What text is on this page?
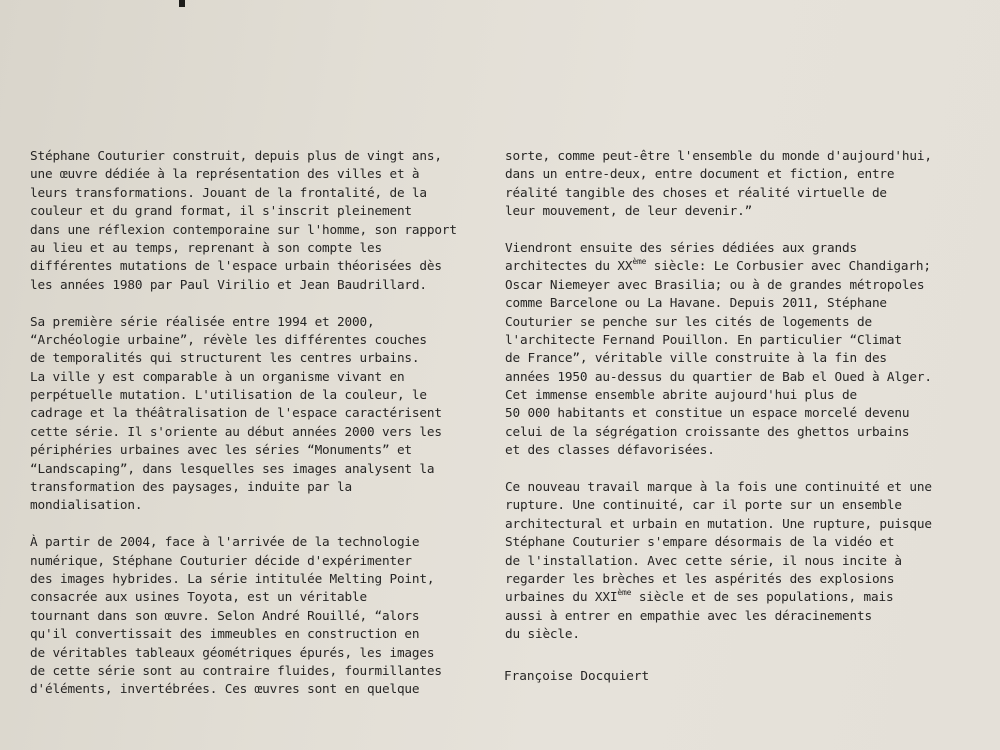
Stéphane Couturier construit, depuis plus de vingt ans,
une œuvre dédiée à la représentation des villes et à
leurs transformations. Jouant de la frontalité, de la
couleur et du grand format, il s'inscrit pleinement
dans une réflexion contemporaine sur l'homme, son rapport
au lieu et au temps, reprenant à son compte les
différentes mutations de l'espace urbain théorisées dès
les années 1980 par Paul Virilio et Jean Baudrillard.
Sa première série réalisée entre 1994 et 2000,
“Archéologie urbaine”, révèle les différentes couches
de temporalités qui structurent les centres urbains.
La ville y est comparable à un organisme vivant en
perpétuelle mutation. L'utilisation de la couleur, le
cadrage et la théâtralisation de l'espace caractérisent
cette série. Il s'oriente au début années 2000 vers les
périphéries urbaines avec les séries “Monuments” et
“Landscaping”, dans lesquelles ses images analysent la
transformation des paysages, induite par la
mondialisation.
À partir de 2004, face à l'arrivée de la technologie
numérique, Stéphane Couturier décide d'expérimenter
des images hybrides. La série intitulée Melting Point,
consacrée aux usines Toyota, est un véritable
tournant dans son œuvre. Selon André Rouillé, “alors
qu'il convertissait des immeubles en construction en
de véritables tableaux géométriques épurés, les images
de cette série sont au contraire fluides, fourmillantes
d'éléments, invertébrées. Ces œuvres sont en quelque
sorte, comme peut-être l'ensemble du monde d'aujourd'hui,
dans un entre-deux, entre document et fiction, entre
réalité tangible des choses et réalité virtuelle de
leur mouvement, de leur devenir.”
Viendront ensuite des séries dédiées aux grands
architectes du XXème siècle: Le Corbusier avec Chandigarh;
Oscar Niemeyer avec Brasilia; ou à de grandes métropoles
comme Barcelone ou La Havane. Depuis 2011, Stéphane
Couturier se penche sur les cités de logements de
l'architecte Fernand Pouillon. En particulier “Climat
de France”, véritable ville construite à la fin des
années 1950 au-dessus du quartier de Bab el Oued à Alger.
Cet immense ensemble abrite aujourd'hui plus de
50 000 habitants et constitue un espace morcelé devenu
celui de la ségrégation croissante des ghettos urbains
et des classes défavorisées.
Ce nouveau travail marque à la fois une continuité et une
rupture. Une continuité, car il porte sur un ensemble
architectural et urbain en mutation. Une rupture, puisque
Stéphane Couturier s'empare désormais de la vidéo et
de l'installation. Avec cette série, il nous incite à
regarder les brèches et les aspérités des explosions
urbaines du XXIème siècle et de ses populations, mais
aussi à entrer en empathie avec les déracinements
du siècle.
Françoise Docquiert
